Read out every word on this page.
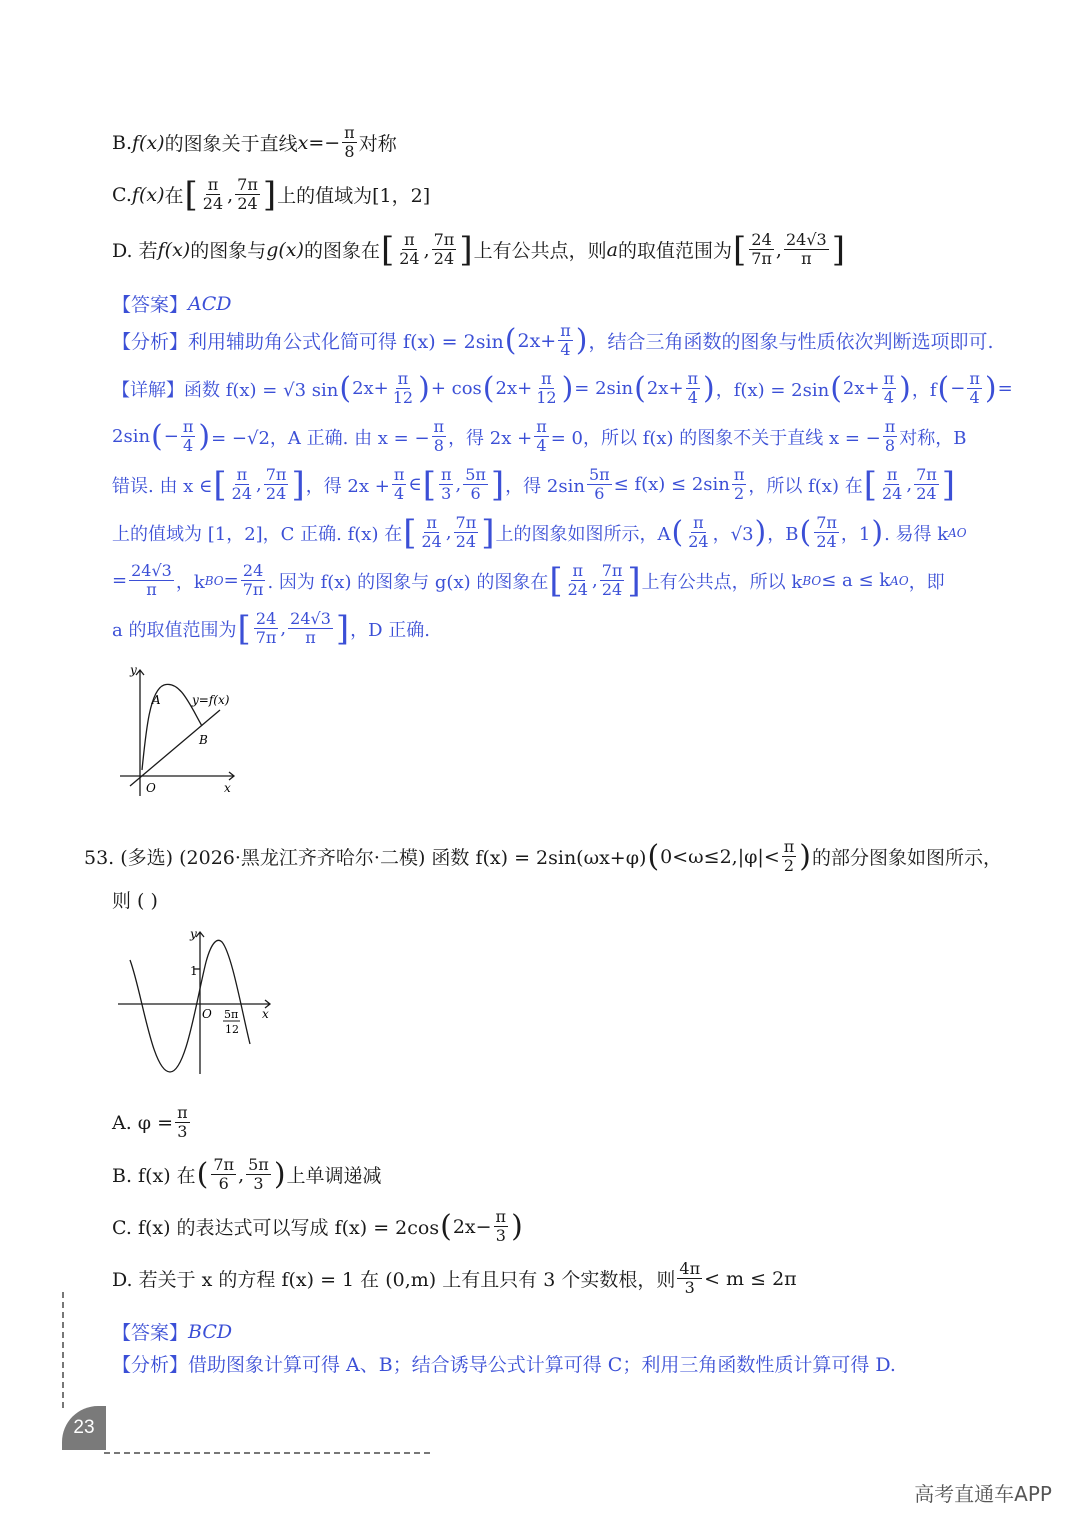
B. f(x) 的图象关于直线 $x=- \frac{\pi}{8}$ 对称
C. f(x) 在 [ $\frac{\pi}{24}$ , $\frac{7\pi}{24}$ ] 上的值域为[1，2]
D. 若 f(x) 的图象与 g(x) 的图象在 [ $\frac{\pi}{24}$ , $\frac{7\pi}{24}$ ] 上有公共点，则 a 的取值范围为 [ $\frac{24}{7\pi}$ , $\frac{24√3}{\pi}$ ]
【答案】 ACD
【分析】 利用辅助角公式化简可得 f(x) = 2sin ( $2x+ \frac{\pi}{4}$ ) ，结合三角函数的图象与性质依次判断选项即可.
【详解】 函数 f(x) = √3 sin ( $2x+ \frac{\pi}{12}$ ) + cos ( $2x+ \frac{\pi}{12}$ ) = 2sin ( $2x+ \frac{\pi}{4}$ ) ，f(x) = 2sin ( $2x+ \frac{\pi}{4}$ ) ，f ( − $\frac{\pi}{4}$ ) =
2sin ( − $\frac{\pi}{4}$ ) = −√2，A 正确. 由 x = − $\frac{\pi}{8}$ ，得 $2x + \frac{\pi}{4} = 0$，所以 f(x) 的图象不关于直线 x = − $\frac{\pi}{8}$ 对称，B
错误. 由 x ∈ [ $\frac{\pi}{24}$ , $\frac{7\pi}{24}$ ] ，得 $2x + \frac{\pi}{4}$ ∈ [ $\frac{\pi}{3}$ , $\frac{5\pi}{6}$ ] ，得 $2\sin \frac{5\pi}{6} \le f(x) \le 2\sin \frac{\pi}{2}$ ，所以 f(x) 在 [ $\frac{\pi}{24}$ , $\frac{7\pi}{24}$ ]
上的值域为 [1，2]，C 正确. f(x) 在 [ $\frac{\pi}{24}$ , $\frac{7\pi}{24}$ ] 上的图象如图所示，A ( $\frac{\pi}{24}$ ，√3 ) ，B ( $\frac{7\pi}{24}$ ，1 ) . 易得 k AO
= $\frac{24√3}{\pi}$ ，k BO = $\frac{24}{7\pi}$ . 因为 f(x) 的图象与 g(x) 的图象在 [ $\frac{\pi}{24}$ , $\frac{7\pi}{24}$ ] 上有公共点，所以 k BO ≤ a ≤ k AO ，即
a 的取值范围为 [ $\frac{24}{7\pi}$ , $\frac{24√3}{\pi}$ ] ，D 正确.
y
x
O
A
B
y=f(x)
53. (多选) (2026·黑龙江齐齐哈尔·二模) 函数 f(x) = 2sin(ωx+φ) ( $0<\omega\le 2,|\varphi|< \frac{\pi}{2}$ ) 的部分图象如图所示，
则 ( )
y
x
O
1
5π
12
A. $\varphi = \frac{\pi}{3}$
B. f(x) 在 ( $\frac{7\pi}{6}$ , $\frac{5\pi}{3}$ ) 上单调递减
C. f(x) 的表达式可以写成 f(x) = 2cos ( $2x- \frac{\pi}{3}$ )
D. 若关于 x 的方程 f(x) = 1 在 (0,m) 上有且只有 3 个实数根，则 $\frac{4\pi}{3} < m \le 2\pi$
【答案】 BCD
【分析】 借助图象计算可得 A、B；结合诱导公式计算可得 C；利用三角函数性质计算可得 D.
23
高考直通车APP
